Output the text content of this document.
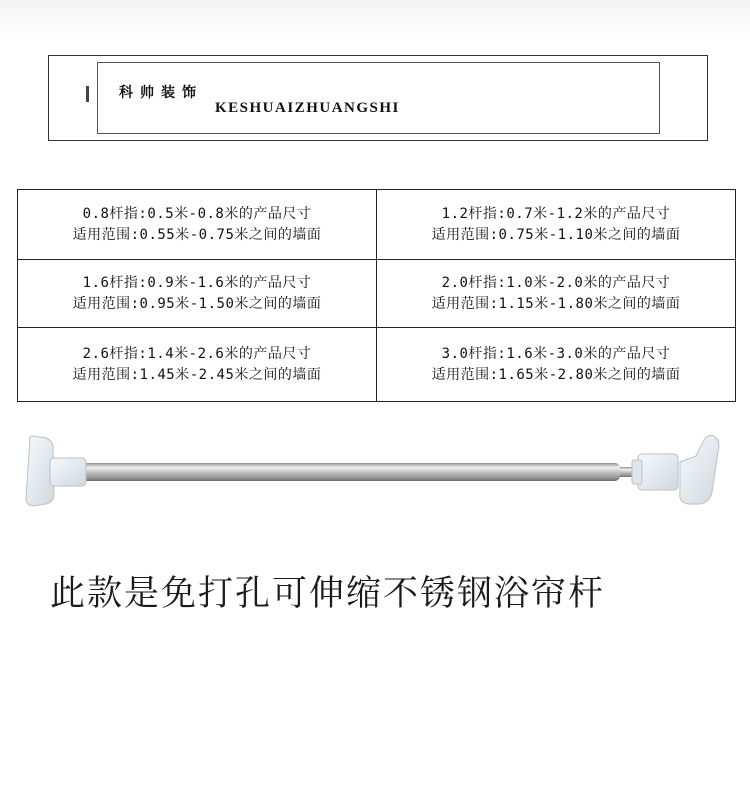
科帅装饰
KESHUAIZHUANGSHI
0.8杆指:0.5米-0.8米的产品尺寸
适用范围:0.55米-0.75米之间的墙面
1.2杆指:0.7米-1.2米的产品尺寸
适用范围:0.75米-1.10米之间的墙面
1.6杆指:0.9米-1.6米的产品尺寸
适用范围:0.95米-1.50米之间的墙面
2.0杆指:1.0米-2.0米的产品尺寸
适用范围:1.15米-1.80米之间的墙面
2.6杆指:1.4米-2.6米的产品尺寸
适用范围:1.45米-2.45米之间的墙面
3.0杆指:1.6米-3.0米的产品尺寸
适用范围:1.65米-2.80米之间的墙面
此款是免打孔可伸缩不锈钢浴帘杆
